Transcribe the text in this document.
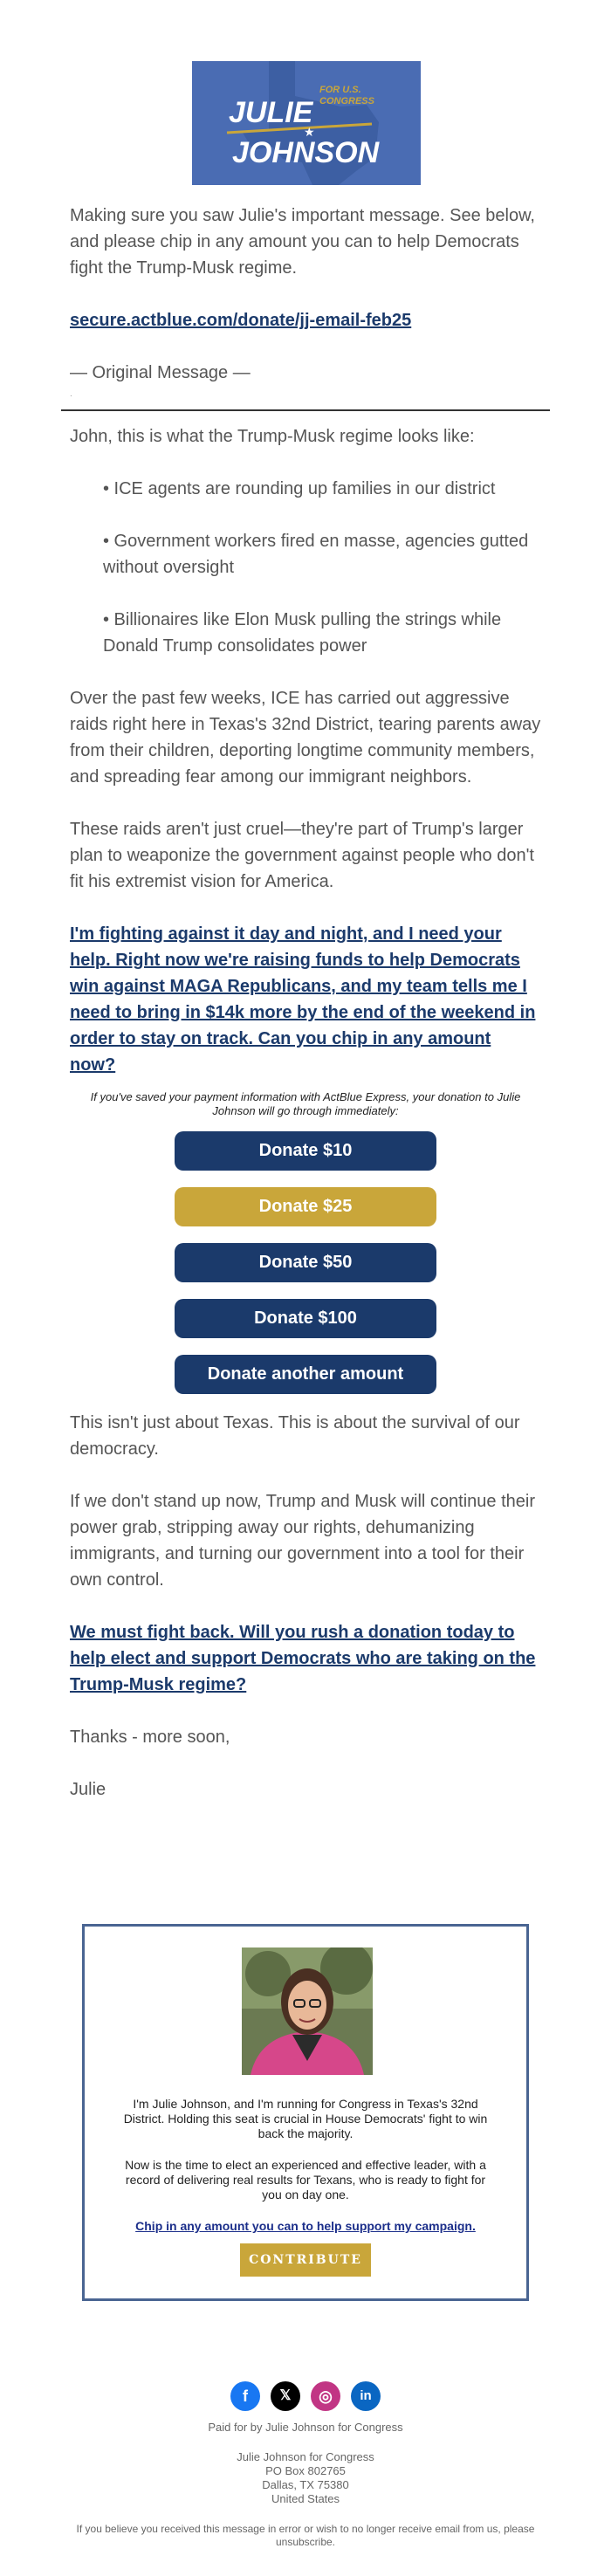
JULIE
FOR U.S.
CONGRESS
★
JOHNSON

Making sure you saw Julie's important message. See below, and please chip in any amount you can to help Democrats fight the Trump-Musk regime.

secure.actblue.com/donate/jj-email-feb25

— Original Message —

.

John, this is what the Trump-Musk regime looks like:

• ICE agents are rounding up families in our district

• Government workers fired en masse, agencies gutted without oversight

• Billionaires like Elon Musk pulling the strings while Donald Trump consolidates power

Over the past few weeks, ICE has carried out aggressive raids right here in Texas's 32nd District, tearing parents away from their children, deporting longtime community members, and spreading fear among our immigrant neighbors.

These raids aren't just cruel—they're part of Trump's larger plan to weaponize the government against people who don't fit his extremist vision for America.

I'm fighting against it day and night, and I need your help. Right now we're raising funds to help Democrats win against MAGA Republicans, and my team tells me I need to bring in $14k more by the end of the weekend in order to stay on track. Can you chip in any amount now?

If you've saved your payment information with ActBlue Express, your donation to Julie Johnson will go through immediately:
Donate $10
Donate $25
Donate $50
Donate $100
Donate another amount

This isn't just about Texas. This is about the survival of our democracy.

If we don't stand up now, Trump and Musk will continue their power grab, stripping away our rights, dehumanizing immigrants, and turning our government into a tool for their own control.

We must fight back. Will you rush a donation today to help elect and support Democrats who are taking on the Trump-Musk regime?

Thanks - more soon,

Julie

I'm Julie Johnson, and I'm running for Congress in Texas's 32nd District. Holding this seat is crucial in House Democrats' fight to win back the majority.
Now is the time to elect an experienced and effective leader, with a record of delivering real results for Texans, who is ready to fight for you on day one.
Chip in any amount you can to help support my campaign.
CONTRIBUTE
f	𝕏	◎	in
Paid for by Julie Johnson for Congress
Julie Johnson for Congress
PO Box 802765
Dallas, TX 75380
United States
If you believe you received this message in error or wish to no longer receive email from us, please unsubscribe.
